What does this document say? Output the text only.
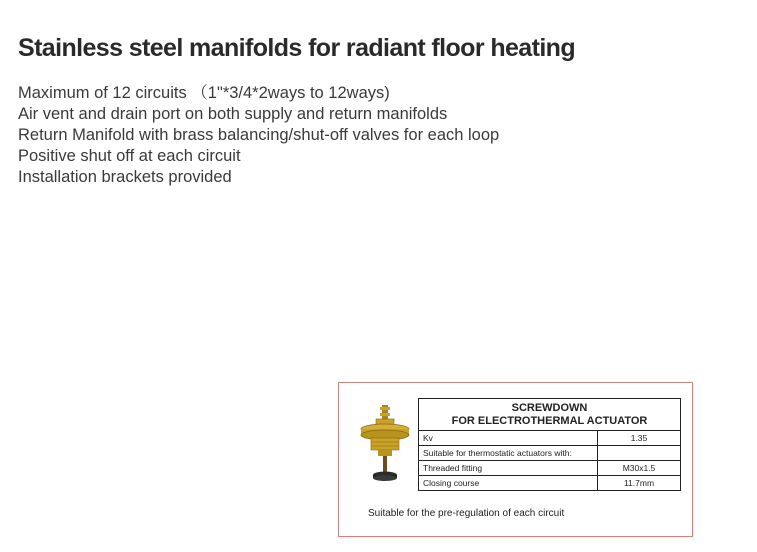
Stainless steel manifolds for radiant floor heating
Maximum of 12 circuits （1"*3/4*2ways to 12ways)
Air vent and drain port on both supply and return manifolds
Return Manifold with brass balancing/shut-off valves for each loop
Positive shut off at each circuit
Installation brackets provided
SCREWDOWN
FOR ELECTROTHERMAL ACTUATOR	

Kv	1.35
Suitable for thermostatic actuators with:	
Threaded fitting	M30x1.5
Closing course	11.7mm
Suitable for the pre-regulation of each circuit
